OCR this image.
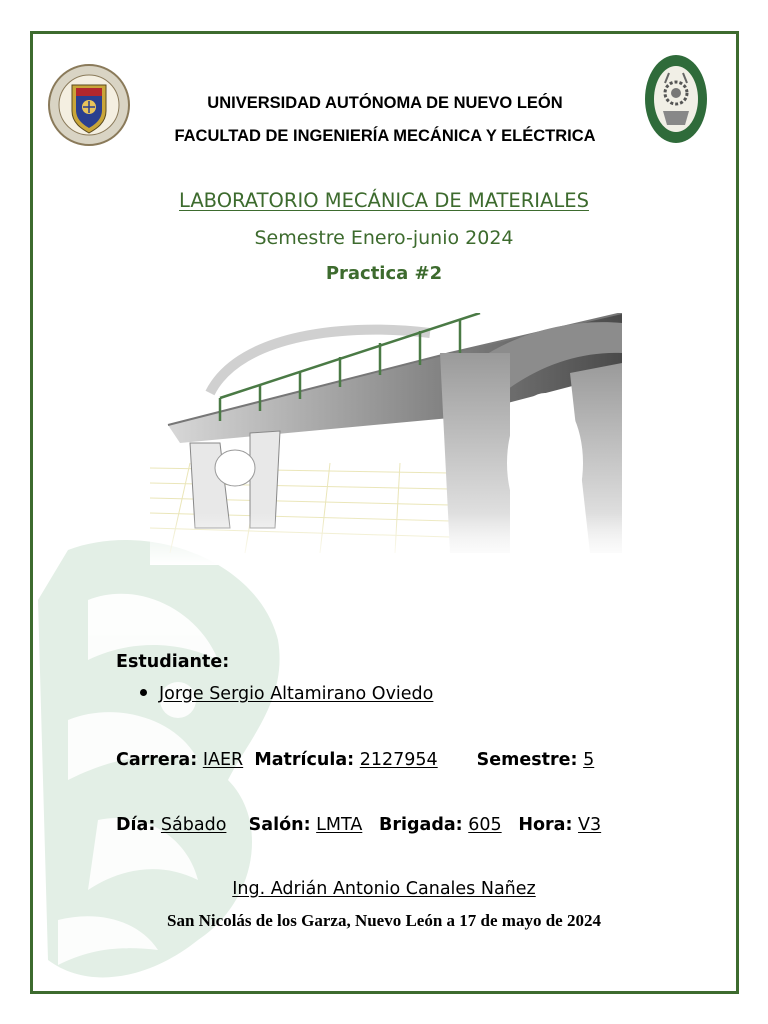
UNIVERSIDAD AUTÓNOMA DE NUEVO LEÓN
FACULTAD DE INGENIERÍA MECÁNICA Y ELÉCTRICA
LABORATORIO MECÁNICA DE MATERIALES
Semestre Enero-junio 2024
Practica #2
Estudiante:
Jorge Sergio Altamirano Oviedo
Carrera: IAER Matrícula: 2127954 Semestre: 5
Día: Sábado Salón: LMTA Brigada: 605 Hora: V3
Ing. Adrián Antonio Canales Nañez
San Nicolás de los Garza, Nuevo León a 17 de mayo de 2024
